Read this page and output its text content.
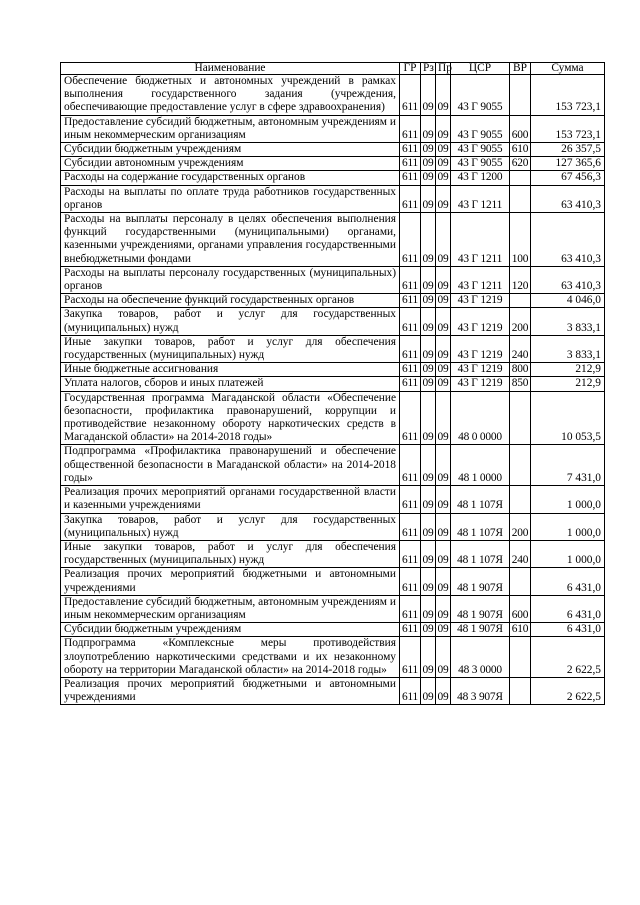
Наименование	ГР	Рз	Пр	ЦСР	ВР	Сумма
Обеспечение бюджетных и автономных учреждений в рамках выполнения государственного задания (учреждения, обеспечивающие предоставление услуг в сфере здравоохранения)	611	09	09	43 Г 9055		153 723,1
Предоставление субсидий бюджетным, автономным учреждениям и иным некоммерческим организациям	611	09	09	43 Г 9055	600	153 723,1
Субсидии бюджетным учреждениям	611	09	09	43 Г 9055	610	26 357,5
Субсидии автономным учреждениям	611	09	09	43 Г 9055	620	127 365,6
Расходы на содержание государственных органов	611	09	09	43 Г 1200		67 456,3
Расходы на выплаты по оплате труда работников государственных органов	611	09	09	43 Г 1211		63 410,3
Расходы на выплаты персоналу в целях обеспечения выполнения функций государственными (муниципальными) органами, казенными учреждениями, органами управления государственными внебюджетными фондами	611	09	09	43 Г 1211	100	63 410,3
Расходы на выплаты персоналу государственных (муниципальных) органов	611	09	09	43 Г 1211	120	63 410,3
Расходы на обеспечение функций государственных органов	611	09	09	43 Г 1219		4 046,0
Закупка товаров, работ и услуг для государственных (муниципальных) нужд	611	09	09	43 Г 1219	200	3 833,1
Иные закупки товаров, работ и услуг для обеспечения государственных (муниципальных) нужд	611	09	09	43 Г 1219	240	3 833,1
Иные бюджетные ассигнования	611	09	09	43 Г 1219	800	212,9
Уплата налогов, сборов и иных платежей	611	09	09	43 Г 1219	850	212,9
Государственная программа Магаданской области «Обеспечение безопасности, профилактика правонарушений, коррупции и противодействие незаконному обороту наркотических средств в Магаданской области» на 2014-2018 годы»	611	09	09	48 0 0000		10 053,5
Подпрограмма «Профилактика правонарушений и обеспечение общественной безопасности в Магаданской области» на 2014-2018 годы»	611	09	09	48 1 0000		7 431,0
Реализация прочих мероприятий органами государственной власти и казенными учреждениями	611	09	09	48 1 107Я		1 000,0
Закупка товаров, работ и услуг для государственных (муниципальных) нужд	611	09	09	48 1 107Я	200	1 000,0
Иные закупки товаров, работ и услуг для обеспечения государственных (муниципальных) нужд	611	09	09	48 1 107Я	240	1 000,0
Реализация прочих мероприятий бюджетными и автономными учреждениями	611	09	09	48 1 907Я		6 431,0
Предоставление субсидий бюджетным, автономным учреждениям и иным некоммерческим организациям	611	09	09	48 1 907Я	600	6 431,0
Субсидии бюджетным учреждениям	611	09	09	48 1 907Я	610	6 431,0
Подпрограмма «Комплексные меры противодействия злоупотреблению наркотическими средствами и их незаконному обороту на территории Магаданской области» на 2014-2018 годы»	611	09	09	48 3 0000		2 622,5
Реализация прочих мероприятий бюджетными и автономными учреждениями	611	09	09	48 3 907Я		2 622,5
